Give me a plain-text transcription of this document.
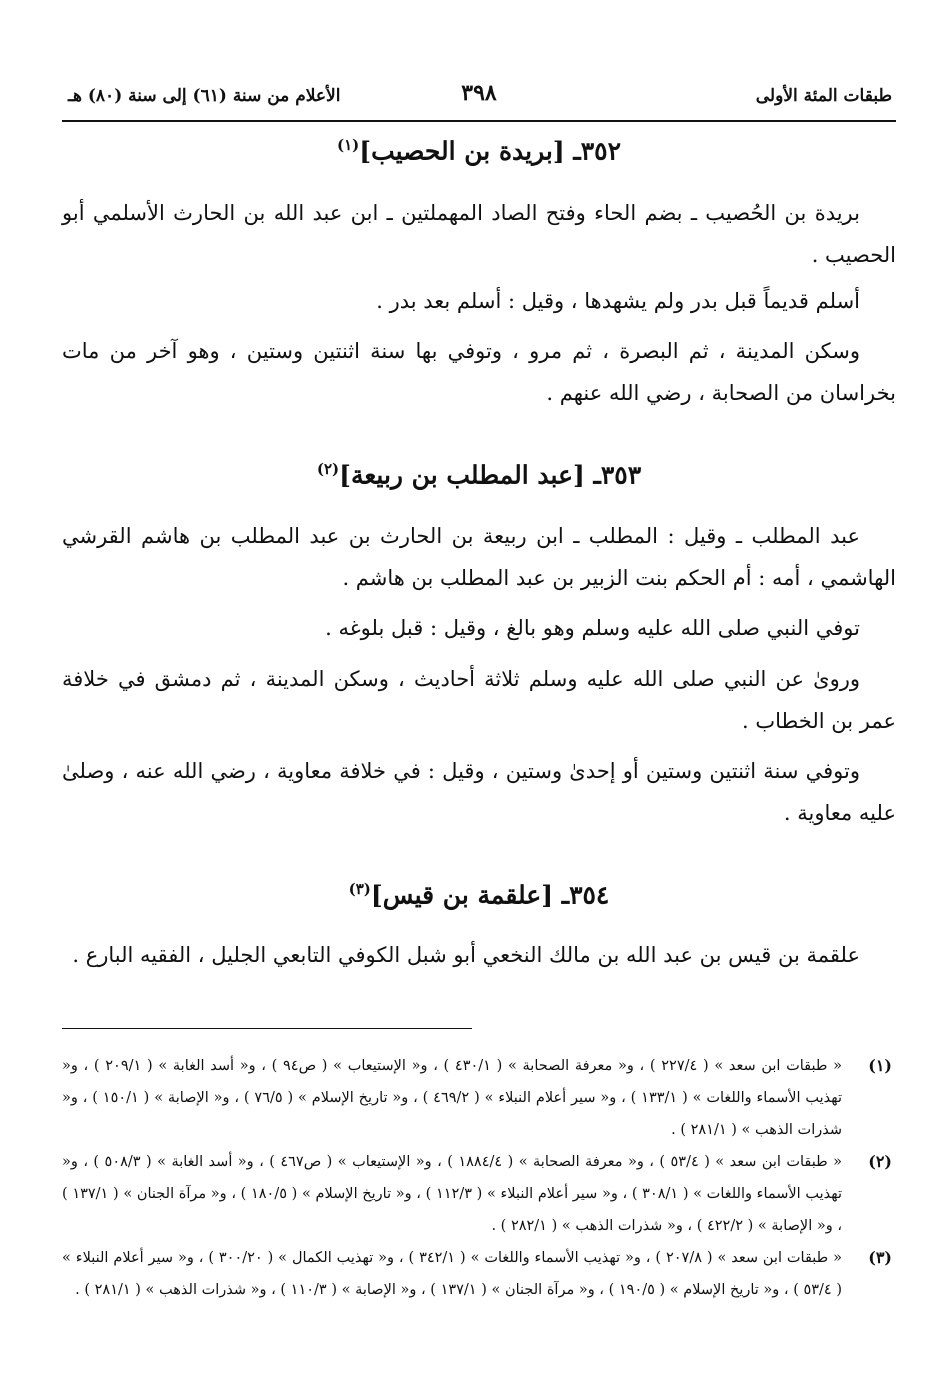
طبقات المئة الأولى
٣٩٨
الأعلام من سنة (٦١) إلى سنة (٨٠) هـ
٣٥٢ـ [بريدة بن الحصيب]$^{(١)}$

بريدة بن الحُصيب ـ بضم الحاء وفتح الصاد المهملتين ـ ابن عبد الله بن الحارث الأسلمي أبو الحصيب .

أسلم قديماً قبل بدر ولم يشهدها ، وقيل : أسلم بعد بدر .

وسكن المدينة ، ثم البصرة ، ثم مرو ، وتوفي بها سنة اثنتين وستين ، وهو آخر من مات بخراسان من الصحابة ، رضي الله عنهم .

٣٥٣ـ [عبد المطلب بن ربيعة]$^{(٢)}$

عبد المطلب ـ وقيل : المطلب ـ ابن ربيعة بن الحارث بن عبد المطلب بن هاشم القرشي الهاشمي ، أمه : أم الحكم بنت الزبير بن عبد المطلب بن هاشم .

توفي النبي صلى الله عليه وسلم وهو بالغ ، وقيل : قبل بلوغه .

وروىٰ عن النبي صلى الله عليه وسلم ثلاثة أحاديث ، وسكن المدينة ، ثم دمشق في خلافة عمر بن الخطاب .

وتوفي سنة اثنتين وستين أو إحدىٰ وستين ، وقيل : في خلافة معاوية ، رضي الله عنه ، وصلىٰ عليه معاوية .

٣٥٤ـ [علقمة بن قيس]$^{(٣)}$

علقمة بن قيس بن عبد الله بن مالك النخعي أبو شبل الكوفي التابعي الجليل ، الفقيه البارع .

(١)
« طبقات ابن سعد » ( ٢٢٧/٤ ) ، و« معرفة الصحابة » ( ٤٣٠/١ ) ، و« الإستيعاب » ( ص٩٤ ) ، و« أسد الغابة » ( ٢٠٩/١ ) ، و« تهذيب الأسماء واللغات » ( ١٣٣/١ ) ، و« سير أعلام النبلاء » ( ٤٦٩/٢ ) ، و« تاريخ الإسلام » ( ٧٦/٥ ) ، و« الإصابة » ( ١٥٠/١ ) ، و« شذرات الذهب » ( ٢٨١/١ ) .

(٢)
« طبقات ابن سعد » ( ٥٣/٤ ) ، و« معرفة الصحابة » ( ١٨٨٤/٤ ) ، و« الإستيعاب » ( ص٤٦٧ ) ، و« أسد الغابة » ( ٥٠٨/٣ ) ، و« تهذيب الأسماء واللغات » ( ٣٠٨/١ ) ، و« سير أعلام النبلاء » ( ١١٢/٣ ) ، و« تاريخ الإسلام » ( ١٨٠/٥ ) ، و« مرآة الجنان » ( ١٣٧/١ ) ، و« الإصابة » ( ٤٢٢/٢ ) ، و« شذرات الذهب » ( ٢٨٢/١ ) .

(٣)
« طبقات ابن سعد » ( ٢٠٧/٨ ) ، و« تهذيب الأسماء واللغات » ( ٣٤٢/١ ) ، و« تهذيب الكمال » ( ٣٠٠/٢٠ ) ، و« سير أعلام النبلاء » ( ٥٣/٤ ) ، و« تاريخ الإسلام » ( ١٩٠/٥ ) ، و« مرآة الجنان » ( ١٣٧/١ ) ، و« الإصابة » ( ١١٠/٣ ) ، و« شذرات الذهب » ( ٢٨١/١ ) .
